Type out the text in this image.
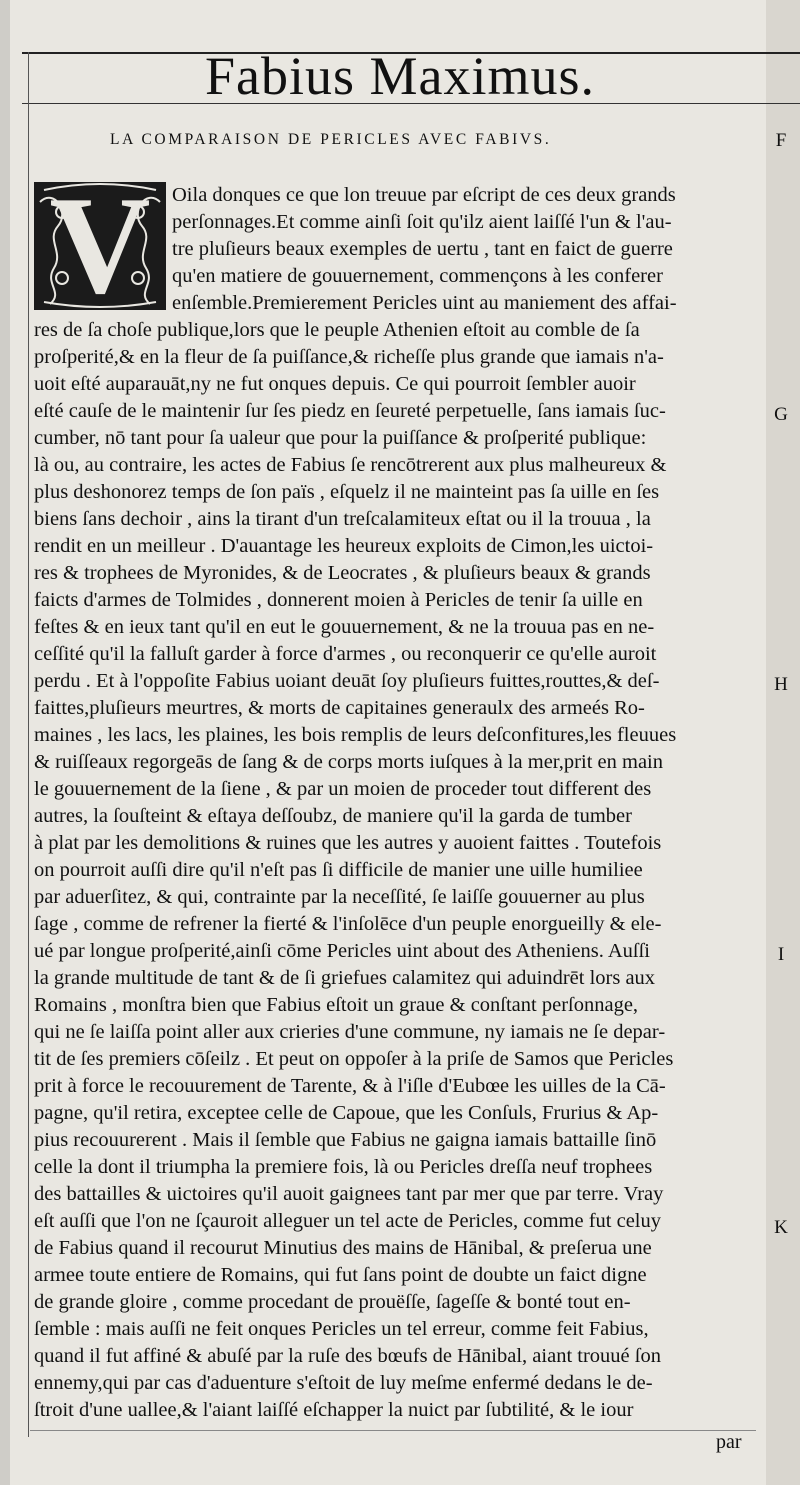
Fabius Maximus.
LA COMPARAISON DE PERICLES AVEC FABIVS.	F
G
H
I
K
V	Oila donques ce que lon treuue par eſcript de ces deux grands
perſonnages.Et comme ainſi ſoit qu'ilz aient laiſſé l'un & l'au-
tre pluſieurs beaux exemples de uertu , tant en faict de guerre
qu'en matiere de gouuernement, commençons à les conferer
enſemble.Premierement Pericles uint au maniement des affai-
res de ſa choſe publique,lors que le peuple Athenien eſtoit au comble de ſa
proſperité,& en la fleur de ſa puiſſance,& richeſſe plus grande que iamais n'a-
uoit eſté auparauāt,ny ne fut onques depuis. Ce qui pourroit ſembler auoir
eſté cauſe de le maintenir ſur ſes piedz en ſeureté perpetuelle, ſans iamais ſuc-
cumber, nō tant pour ſa ualeur que pour la puiſſance & proſperité publique:
là ou, au contraire, les actes de Fabius ſe rencōtrerent aux plus malheureux &
plus deshonorez temps de ſon païs , eſquelz il ne mainteint pas ſa uille en ſes
biens ſans dechoir , ains la tirant d'un treſcalamiteux eſtat ou il la trouua , la
rendit en un meilleur . D'auantage les heureux exploits de Cimon,les uictoi-
res & trophees de Myronides, & de Leocrates , & pluſieurs beaux & grands
faicts d'armes de Tolmides , donnerent moien à Pericles de tenir ſa uille en
feſtes & en ieux tant qu'il en eut le gouuernement, & ne la trouua pas en ne-
ceſſité qu'il la falluſt garder à force d'armes , ou reconquerir ce qu'elle auroit
perdu . Et à l'oppoſite Fabius uoiant deuāt ſoy pluſieurs fuittes,routtes,& deſ-
faittes,pluſieurs meurtres, & morts de capitaines generaulx des armeés Ro-
maines , les lacs, les plaines, les bois remplis de leurs deſconfitures,les fleuues
& ruiſſeaux regorgeās de ſang & de corps morts iuſques à la mer,prit en main
le gouuernement de la ſiene , & par un moien de proceder tout different des
autres, la ſouſteint & eſtaya deſſoubz, de maniere qu'il la garda de tumber
à plat par les demolitions & ruines que les autres y auoient faittes . Toutefois
on pourroit auſſi dire qu'il n'eſt pas ſi difficile de manier une uille humiliee
par aduerſitez, & qui, contrainte par la neceſſité, ſe laiſſe gouuerner au plus
ſage , comme de refrener la fierté & l'inſolēce d'un peuple enorgueilly & ele-
ué par longue proſperité,ainſi cōme Pericles uint about des Atheniens. Auſſi
la grande multitude de tant & de ſi griefues calamitez qui aduindrēt lors aux
Romains , monſtra bien que Fabius eſtoit un graue & conſtant perſonnage,
qui ne ſe laiſſa point aller aux crieries d'une commune, ny iamais ne ſe depar-
tit de ſes premiers cōſeilz . Et peut on oppoſer à la priſe de Samos que Pericles
prit à force le recouurement de Tarente, & à l'iſle d'Eubœe les uilles de la Cā-
pagne, qu'il retira, exceptee celle de Capoue, que les Conſuls, Frurius & Ap-
pius recouurerent . Mais il ſemble que Fabius ne gaigna iamais battaille ſinō
celle la dont il triumpha la premiere fois, là ou Pericles dreſſa neuf trophees
des battailles & uictoires qu'il auoit gaignees tant par mer que par terre. Vray
eſt auſſi que l'on ne ſçauroit alleguer un tel acte de Pericles, comme fut celuy
de Fabius quand il recourut Minutius des mains de Hānibal, & preſerua une
armee toute entiere de Romains, qui fut ſans point de doubte un faict digne
de grande gloire , comme procedant de prouëſſe, ſageſſe & bonté tout en-
ſemble : mais auſſi ne feit onques Pericles un tel erreur, comme feit Fabius,
quand il fut affiné & abuſé par la ruſe des bœufs de Hānibal, aiant trouué ſon
ennemy,qui par cas d'aduenture s'eſtoit de luy meſme enfermé dedans le de-
ſtroit d'une uallee,& l'aiant laiſſé eſchapper la nuict par ſubtilité, & le iour
par
